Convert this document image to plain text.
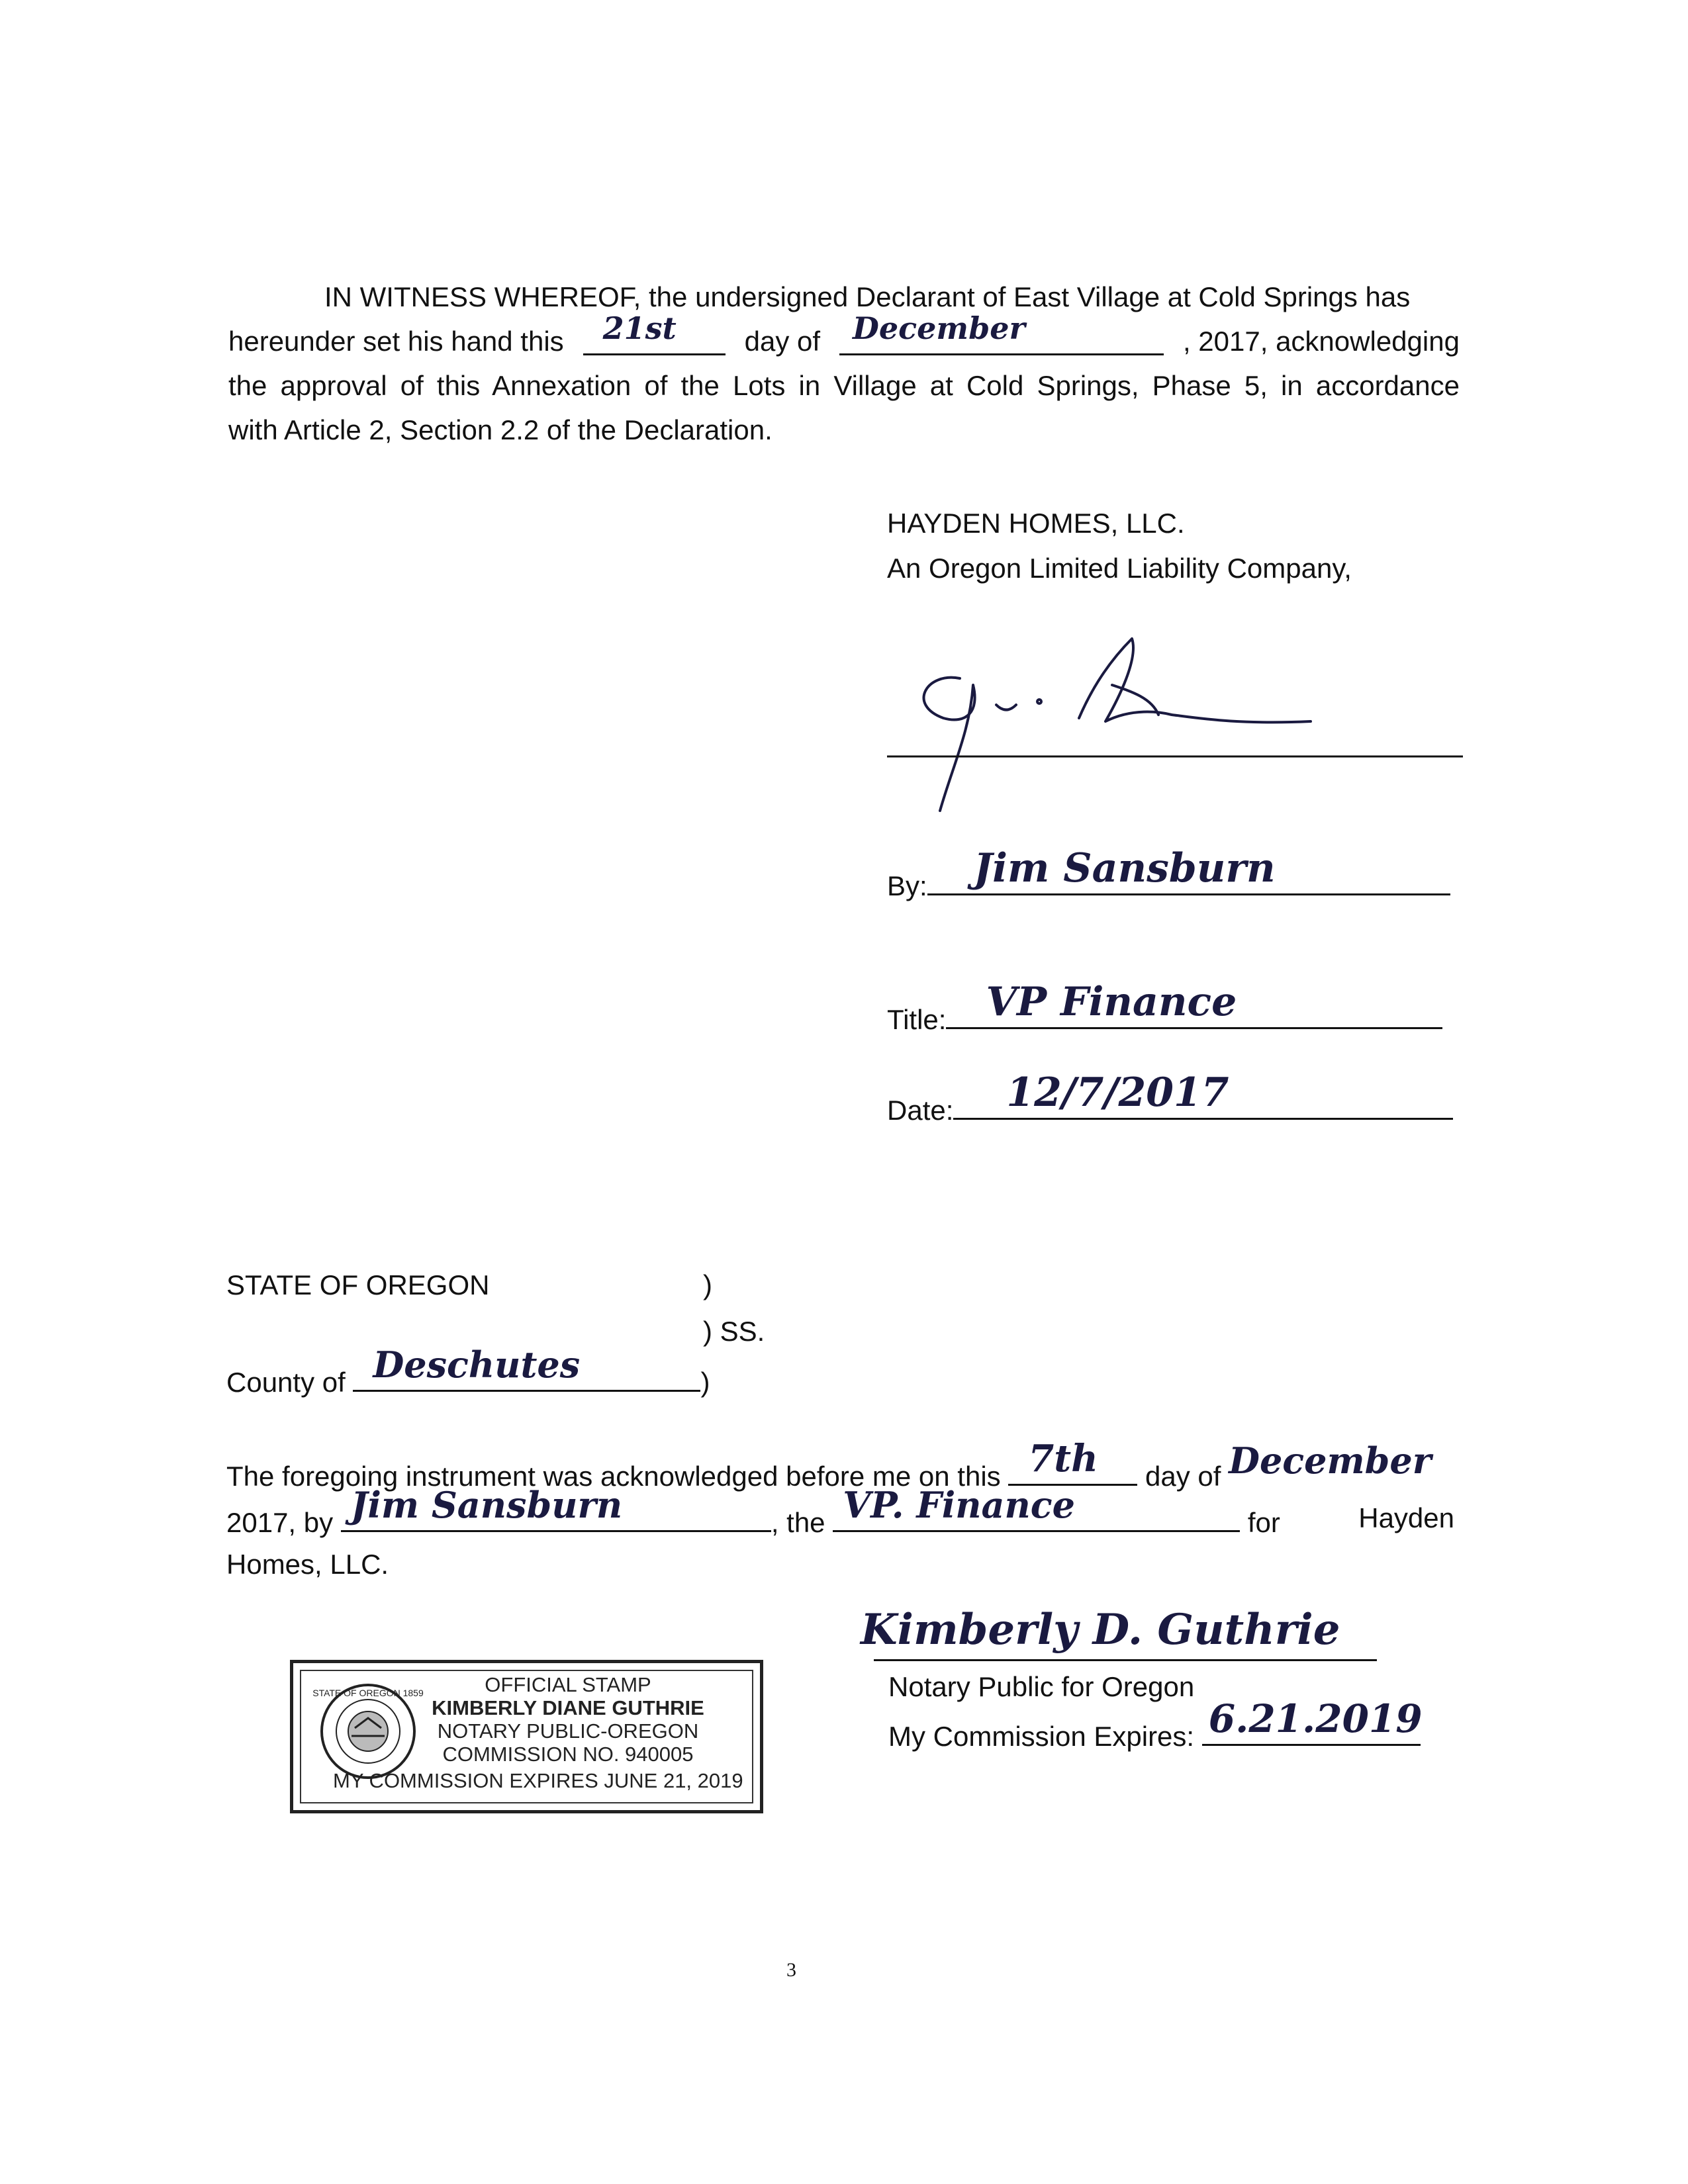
IN WITNESS WHEREOF, the undersigned Declarant of East Village at Cold Springs has
hereunder set his hand this 21st day of December	, 2017, acknowledging
the approval of this Annexation of the Lots in Village at Cold Springs, Phase 5, in accordance
with Article 2, Section 2.2 of the Declaration.
HAYDEN HOMES, LLC.
An Oregon Limited Liability Company,
By: Jim Sansburn
Title: VP Finance
Date: 12/7/2017
STATE OF OREGON	)
) SS.
County of Deschutes	)
The foregoing instrument was acknowledged before me on this 7th day of December
2017, by Jim Sansburn	, the VP. Finance	for	Hayden
Homes, LLC.
STATE OF OREGON 1859	OFFICIAL STAMP
KIMBERLY DIANE GUTHRIE
NOTARY PUBLIC-OREGON
COMMISSION NO. 940005
MY COMMISSION EXPIRES JUNE 21, 2019
Kimberly D. Guthrie
Notary Public for Oregon
My Commission Expires: 6.21.2019
3
